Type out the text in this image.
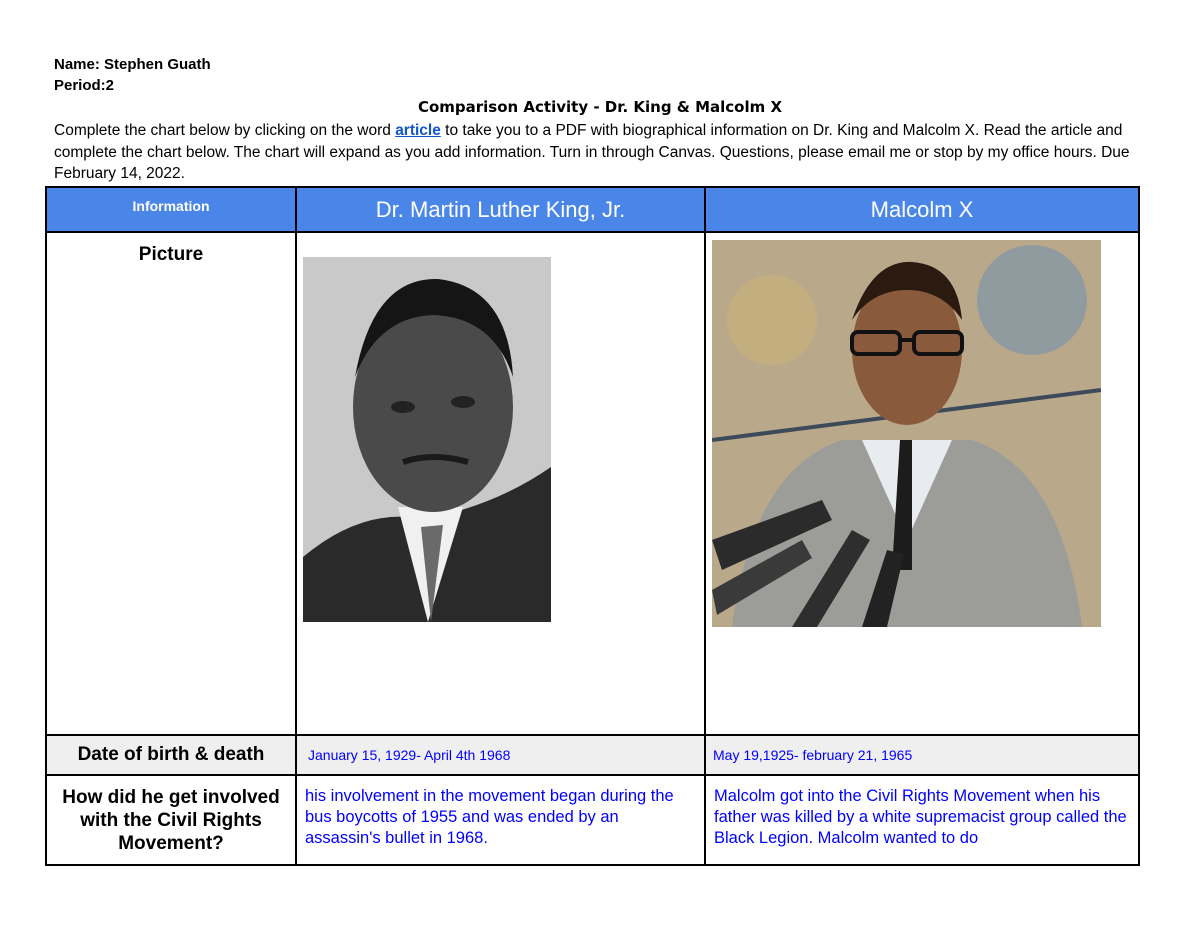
Name: Stephen Guath
Period:2
Comparison Activity - Dr. King & Malcolm X
Complete the chart below by clicking on the word article to take you to a PDF with biographical information on Dr. King and Malcolm X. Read the article and complete the chart below. The chart will expand as you add information. Turn in through Canvas. Questions, please email me or stop by my office hours. Due February 14, 2022.
Information	Dr. Martin Luther King, Jr.	Malcolm X
Picture	

Date of birth & death	January 15, 1929- April 4th 1968	May 19,1925- february 21, 1965
How did he get involved with the Civil Rights Movement?	his involvement in the movement began during the bus boycotts of 1955 and was ended by an assassin's bullet in 1968.	Malcolm got into the Civil Rights Movement when his father was killed by a white supremacist group called the Black Legion. Malcolm wanted to do
